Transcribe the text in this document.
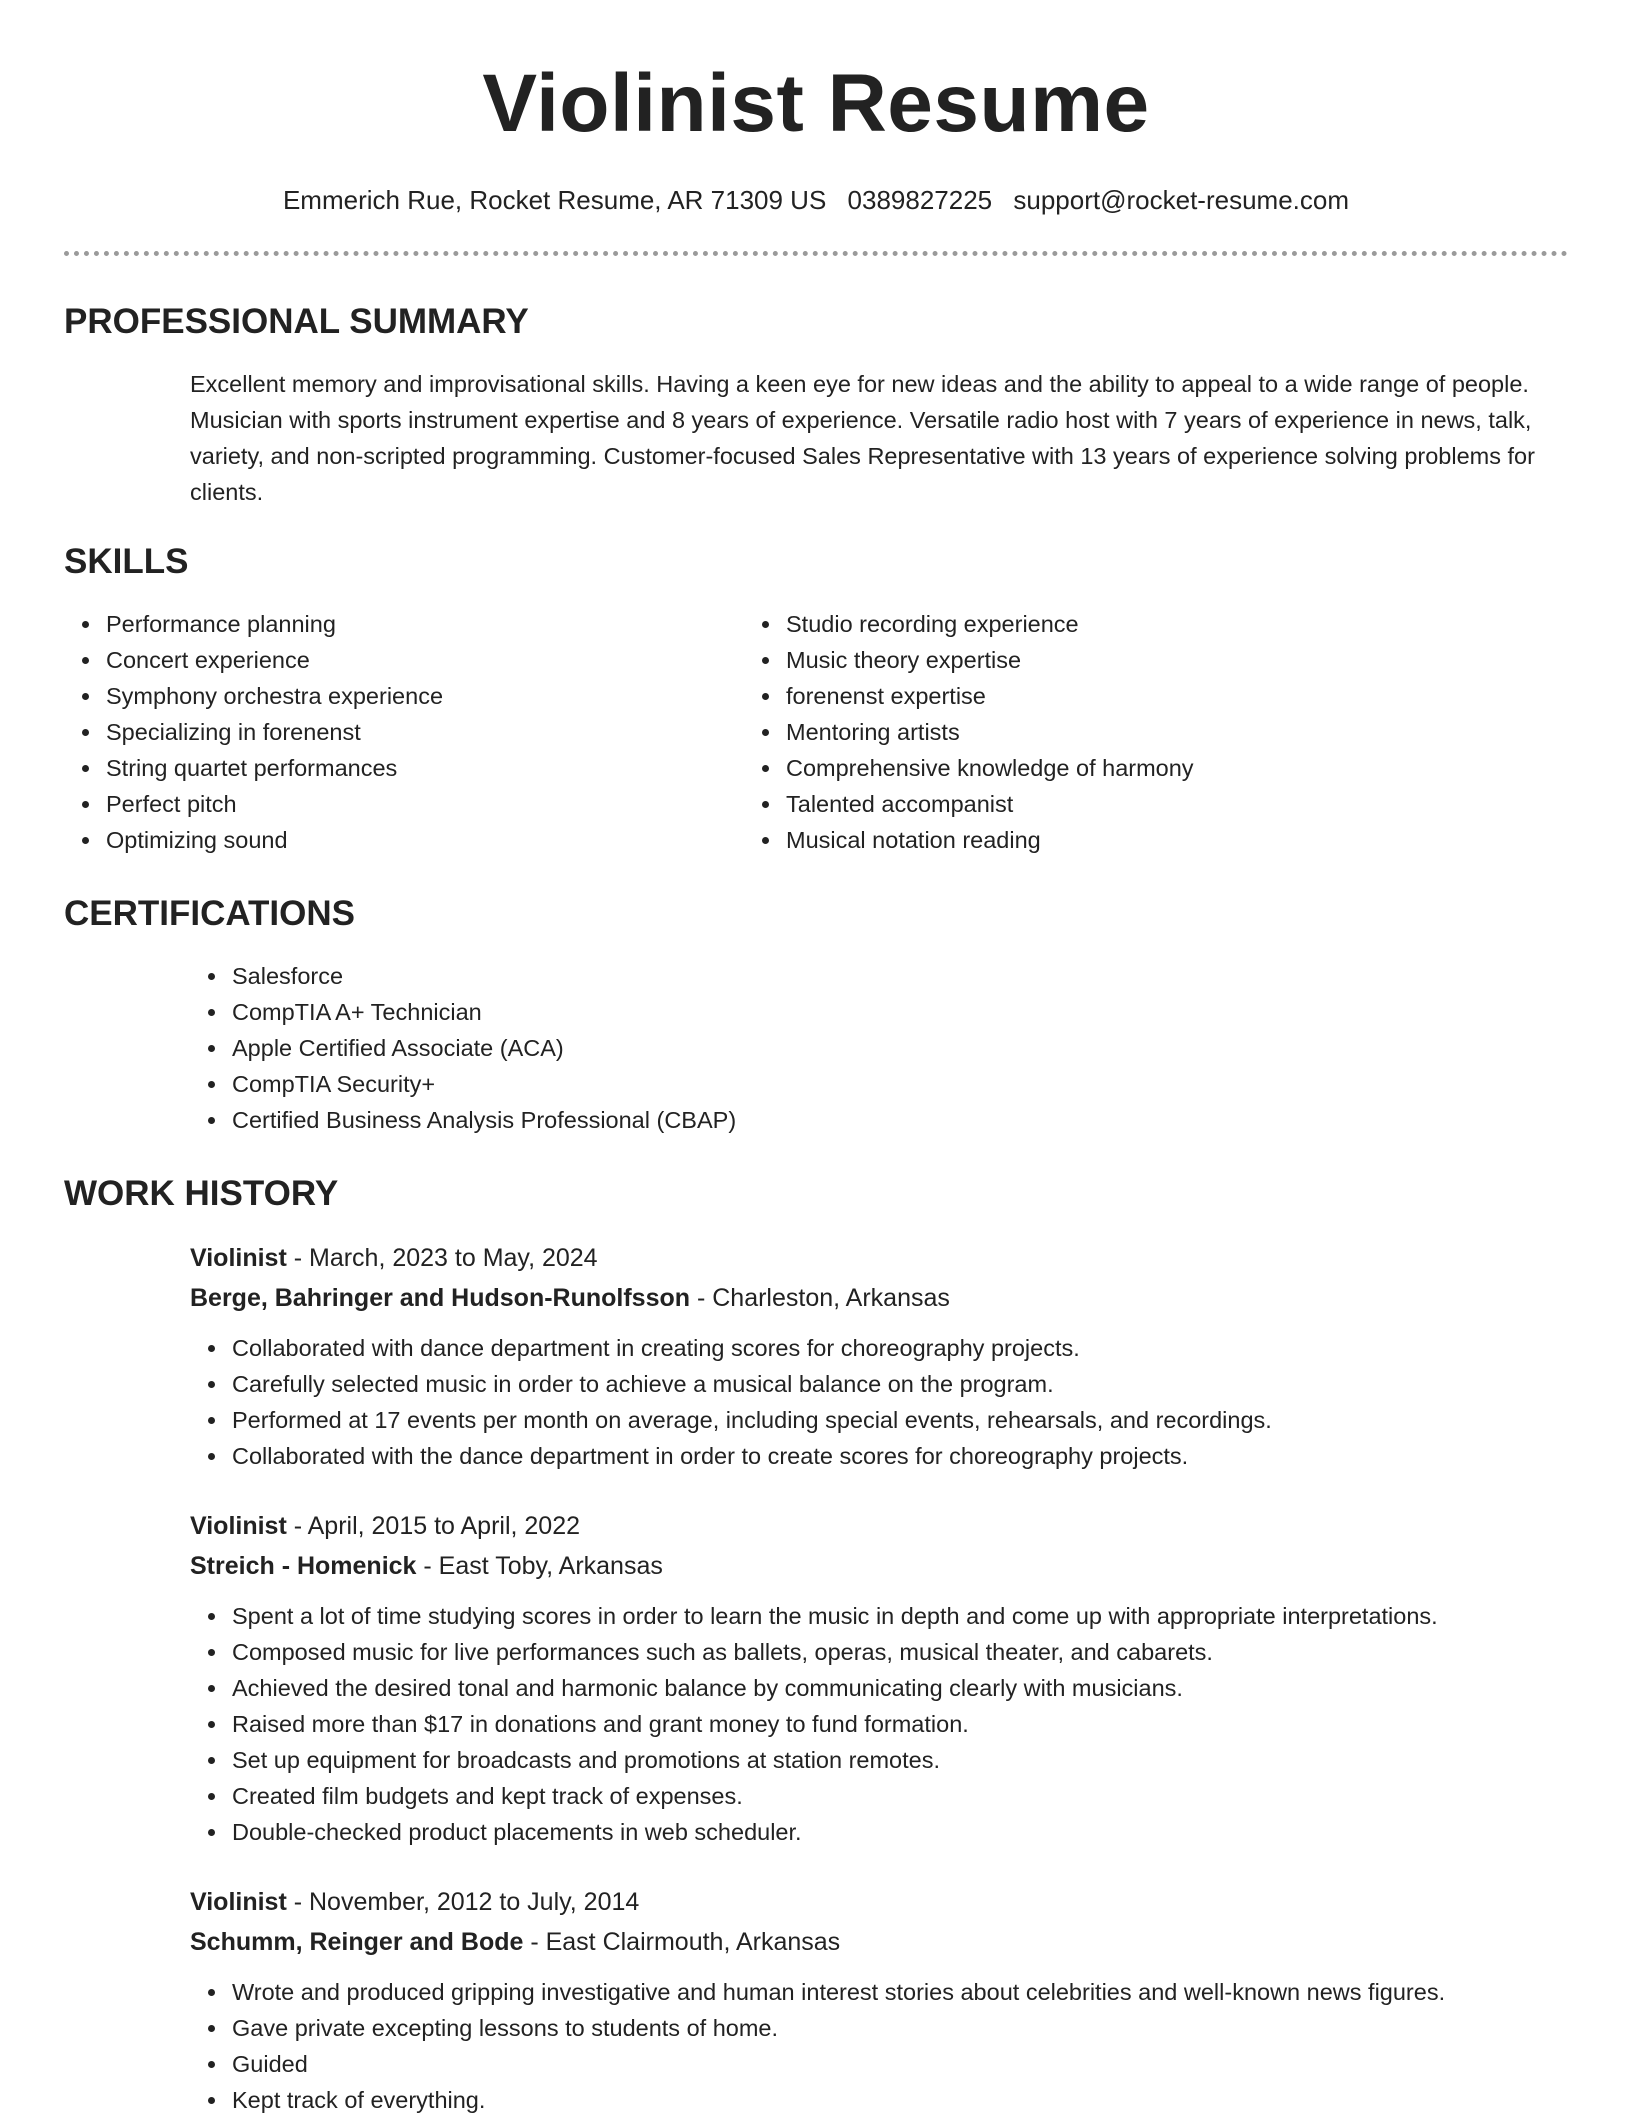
Violinist Resume
Emmerich Rue, Rocket Resume, AR 71309 US 0389827225 support@rocket-resume.com
PROFESSIONAL SUMMARY

Excellent memory and improvisational skills. Having a keen eye for new ideas and the ability to appeal to a wide range of people. Musician with sports instrument expertise and 8 years of experience. Versatile radio host with 7 years of experience in news, talk, variety, and non-scripted programming. Customer-focused Sales Representative with 13 years of experience solving problems for clients.

SKILLS
Performance planning
Concert experience
Symphony orchestra experience
Specializing in forenenst
String quartet performances
Perfect pitch
Optimizing sound
Studio recording experience
Music theory expertise
forenenst expertise
Mentoring artists
Comprehensive knowledge of harmony
Talented accompanist
Musical notation reading
CERTIFICATIONS
Salesforce
CompTIA A+ Technician
Apple Certified Associate (ACA)
CompTIA Security+
Certified Business Analysis Professional (CBAP)
WORK HISTORY
Violinist - March, 2023 to May, 2024
Berge, Bahringer and Hudson-Runolfsson - Charleston, Arkansas
Collaborated with dance department in creating scores for choreography projects.
Carefully selected music in order to achieve a musical balance on the program.
Performed at 17 events per month on average, including special events, rehearsals, and recordings.
Collaborated with the dance department in order to create scores for choreography projects.
Violinist - April, 2015 to April, 2022
Streich - Homenick - East Toby, Arkansas
Spent a lot of time studying scores in order to learn the music in depth and come up with appropriate interpretations.
Composed music for live performances such as ballets, operas, musical theater, and cabarets.
Achieved the desired tonal and harmonic balance by communicating clearly with musicians.
Raised more than $17 in donations and grant money to fund formation.
Set up equipment for broadcasts and promotions at station remotes.
Created film budgets and kept track of expenses.
Double-checked product placements in web scheduler.
Violinist - November, 2012 to July, 2014
Schumm, Reinger and Bode - East Clairmouth, Arkansas
Wrote and produced gripping investigative and human interest stories about celebrities and well-known news figures.
Gave private excepting lessons to students of home.
Guided
Kept track of everything.
